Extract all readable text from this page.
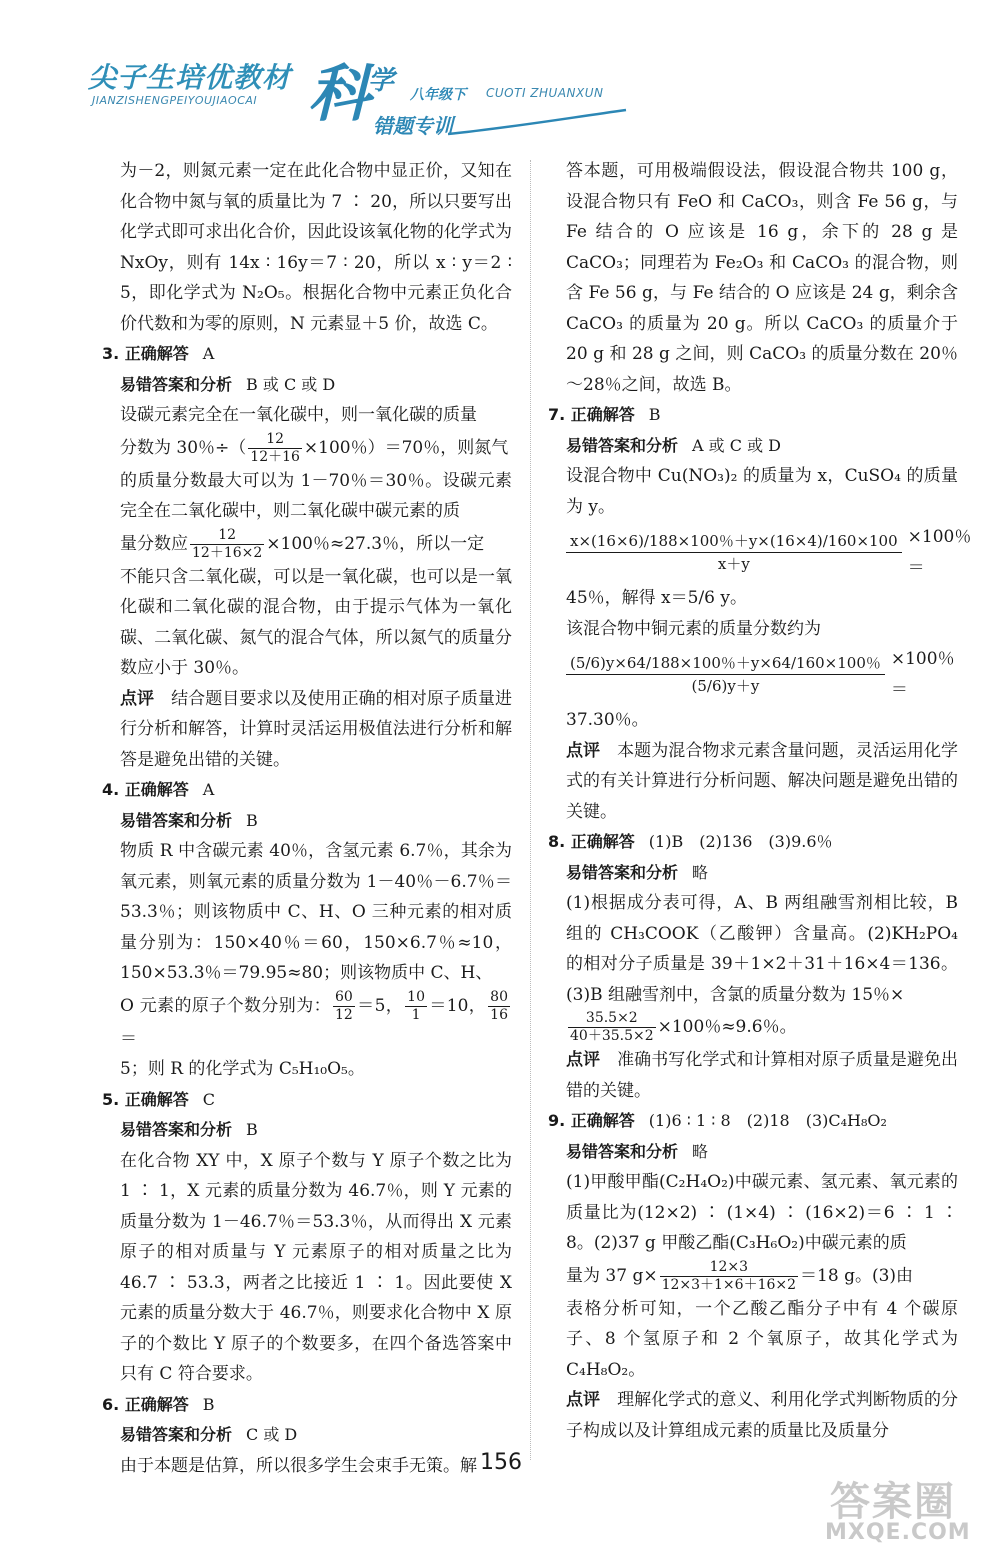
尖子生培优教材
JIANZISHENGPEIYOUJIAOCAI 科
学 八年级下 CUOTI ZHUANXUN
错题专训

为－2，则氮元素一定在此化合物中显正价，又知在化合物中氮与氧的质量比为 7 ∶ 20，所以只要写出化学式即可求出化合价，因此设该氧化物的化学式为 NxOy，则有 14x ∶ 16y＝7 ∶ 20，所以 x ∶ y＝2 ∶ 5，即化学式为 N₂O₅。根据化合物中元素正负化合价代数和为零的原则，N 元素显＋5 价，故选 C。

3. 正确解答 A
易错答案和分析 B 或 C 或 D

设碳元素完全在一氧化碳中，则一氧化碳的质量

分数为 30％÷（ $\frac{12}{12+16} \times 100$％）＝70％，则氮气

的质量分数最大可以为 1－70％＝30％。设碳元素完全在二氧化碳中，则二氧化碳中碳元素的质

量分数应 $\frac{12}{12+16\times 2} \times 100$％≈27.3％，所以一定

不能只含二氧化碳，可以是一氧化碳，也可以是一氧化碳和二氧化碳的混合物，由于提示气体为一氧化碳、二氧化碳、氮气的混合气体，所以氮气的质量分数应小于 30％。

点评　 结合题目要求以及使用正确的相对原子质量进行分析和解答，计算时灵活运用极值法进行分析和解答是避免出错的关键。

4. 正确解答 A
易错答案和分析 B

物质 R 中含碳元素 40％，含氢元素 6.7％，其余为氧元素，则氧元素的质量分数为 1－40％－6.7％＝53.3％；则该物质中 C、H、O 三种元素的相对质量分别为：150×40％＝60，150×6.7％≈10，150×53.3％＝79.95≈80；则该物质中 C、H、

O 元素的原子个数分别为： $\frac{60}{12} =5$， $\frac{10}{1} =10$， $\frac{80}{16}$
＝

5；则 R 的化学式为 C₅H₁₀O₅。

5. 正确解答 C
易错答案和分析 B

在化合物 XY 中，X 原子个数与 Y 原子个数之比为 1 ∶ 1，X 元素的质量分数为 46.7％，则 Y 元素的质量分数为 1－46.7％＝53.3％，从而得出 X 元素原子的相对质量与 Y 元素原子的相对质量之比为 46.7 ∶ 53.3，两者之比接近 1 ∶ 1。因此要使 X 元素的质量分数大于 46.7％，则要求化合物中 X 原子的个数比 Y 原子的个数要多，在四个备选答案中只有 C 符合要求。

6. 正确解答 B
易错答案和分析 C 或 D

由于本题是估算，所以很多学生会束手无策。解

答本题，可用极端假设法，假设混合物共 100 g，设混合物只有 FeO 和 CaCO₃，则含 Fe 56 g，与 Fe 结合的 O 应该是 16 g，余下的 28 g 是 CaCO₃；同理若为 Fe₂O₃ 和 CaCO₃ 的混合物，则含 Fe 56 g，与 Fe 结合的 O 应该是 24 g，剩余含 CaCO₃ 的质量为 20 g。所以 CaCO₃ 的质量介于 20 g 和 28 g 之间，则 CaCO₃ 的质量分数在 20％～28％之间，故选 B。

7. 正确解答 B
易错答案和分析 A 或 C 或 D

设混合物中 Cu(NO₃)₂ 的质量为 x，CuSO₄ 的质量为 y。

$\frac{x\times(16\times 6)/188\times 100\%+y\times(16\times 4)/160\times 100}{x+y} \times 100$％＝

45％，解得 x＝5/6 y。

该混合物中铜元素的质量分数约为

$\frac{(5/6)y\times 64/188\times 100\%+y\times 64/160\times 100\%}{(5/6)y+y} \times 100$％＝

37.30％。

点评　 本题为混合物求元素含量问题，灵活运用化学式的有关计算进行分析问题、解决问题是避免出错的关键。

8. 正确解答 (1)B　(2)136　(3)9.6％
易错答案和分析 略

(1)根据成分表可得，A、B 两组融雪剂相比较，B 组的 CH₃COOK（乙酸钾）含量高。(2)KH₂PO₄ 的相对分子质量是 39＋1×2＋31＋16×4＝136。(3)B 组融雪剂中，含氯的质量分数为 15％×

$\frac{35.5\times 2}{40+35.5\times 2} \times 100$％≈9.6％。

点评　 准确书写化学式和计算相对原子质量是避免出错的关键。

9. 正确解答 (1)6 ∶ 1 ∶ 8　(2)18　(3)C₄H₈O₂
易错答案和分析 略

(1)甲酸甲酯(C₂H₄O₂)中碳元素、氢元素、氧元素的质量比为(12×2) ∶ (1×4) ∶ (16×2)＝6 ∶ 1 ∶ 8。(2)37 g 甲酸乙酯(C₃H₆O₂)中碳元素的质

量为 37 $g\times \frac{12\times 3}{12\times 3+1\times 6+16\times 2} =18$ g。(3)由

表格分析可知，一个乙酸乙酯分子中有 4 个碳原子、8 个氢原子和 2 个氧原子，故其化学式为C₄H₈O₂。

点评　 理解化学式的意义、利用化学式判断物质的分子构成以及计算组成元素的质量比及质量分

156
答案圈
MXQE.COM
